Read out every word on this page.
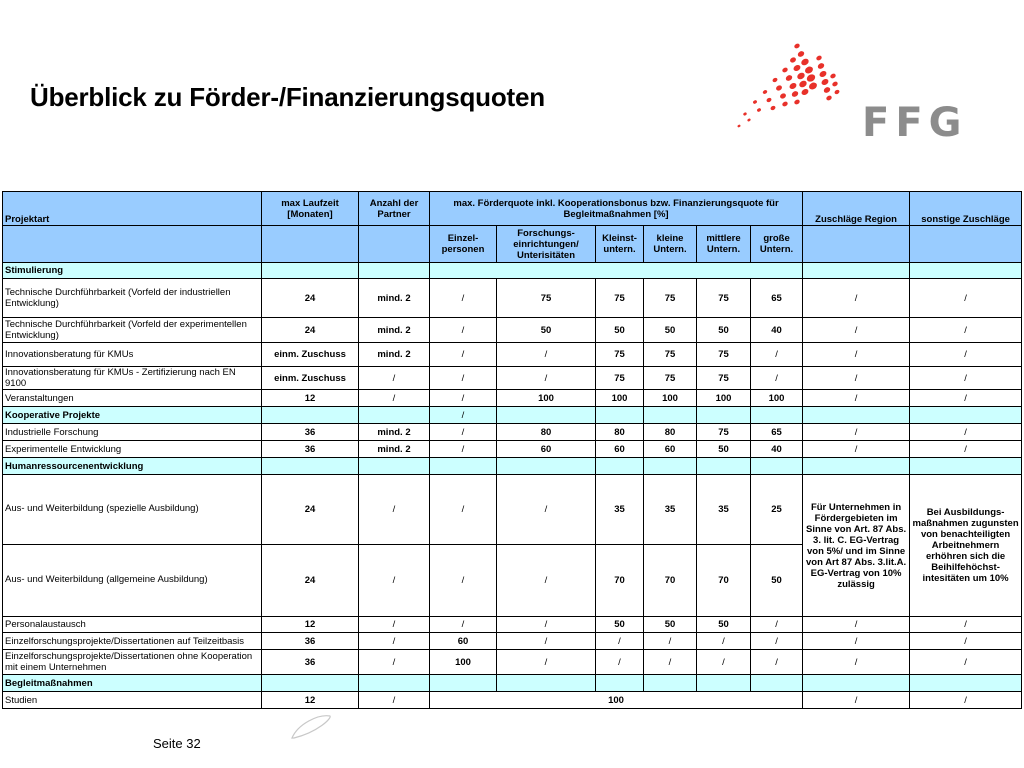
Überblick zu Förder-/Finanzierungsquoten
FFG
Projektart	max Laufzeit [Monaten]	Anzahl der Partner	max. Förderquote inkl. Kooperationsbonus bzw. Finanzierungsquote für Begleitmaßnahmen [%]						Zuschläge Region	sonstige Zuschläge
			Einzel-personen	Forschungs-einrichtungen/ Unterisitäten	Kleinst-untern.	kleine Untern.	mittlere Untern.	große Untern.		
Stimulierung										
Technische Durchführbarkeit (Vorfeld der industriellen Entwicklung)	24	mind. 2	/	75	75	75	75	65	/	/
Technische Durchführbarkeit (Vorfeld der experimentellen Entwicklung)	24	mind. 2	/	50	50	50	50	40	/	/
Innovationsberatung für KMUs	einm. Zuschuss	mind. 2	/	/	75	75	75	/	/	/
Innovationsberatung für KMUs - Zertifizierung nach EN 9100	einm. Zuschuss	/	/	/	75	75	75	/	/	/
Veranstaltungen	12	/	/	100	100	100	100	100	/	/
Kooperative Projekte			/							
Industrielle Forschung	36	mind. 2	/	80	80	80	75	65	/	/
Experimentelle Entwicklung	36	mind. 2	/	60	60	60	50	40	/	/
Humanressourcenentwicklung										
Aus- und Weiterbildung (spezielle Ausbildung)	24	/	/	/	35	35	35	25	Für Unternehmen in Fördergebieten im Sinne von Art. 87 Abs. 3. lit. C. EG-Vertrag von 5%/ und im Sinne von Art 87 Abs. 3.lit.A. EG-Vertrag von 10% zulässig	Bei Ausbildungs-maßnahmen zugunsten von benachteiligten Arbeitnehmern erhöhren sich die Beihilfehöchst-intesitäten um 10%
Aus- und Weiterbildung (allgemeine Ausbildung)	24	/	/	/	70	70	70	50		
Personalaustausch	12	/	/	/	50	50	50	/	/	/
Einzelforschungsprojekte/Dissertationen auf Teilzeitbasis	36	/	60	/	/	/	/	/	/	/
Einzelforschungsprojekte/Dissertationen ohne Kooperation mit einem Unternehmen	36	/	100	/	/	/	/	/	/	/
Begleitmaßnahmen										
Studien	12	/	100						/	/
Seite 32
